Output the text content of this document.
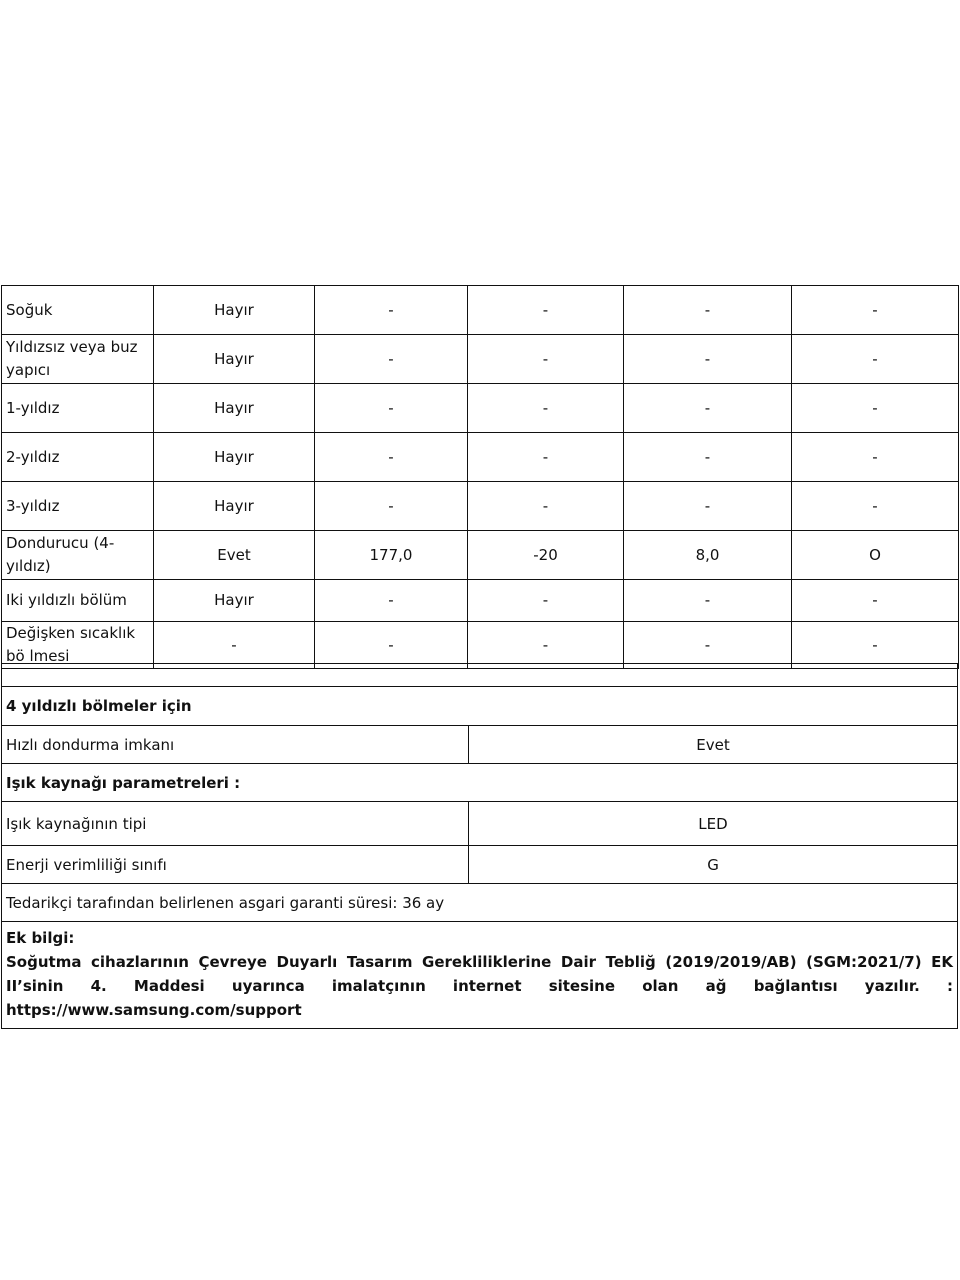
Soğuk	Hayır	-	-	-	-
Yıldızsız veya buz yapıcı	Hayır	-	-	-	-
1-yıldız	Hayır	-	-	-	-
2-yıldız	Hayır	-	-	-	-
3-yıldız	Hayır	-	-	-	-
Dondurucu (4-yıldız)	Evet	177,0	-20	8,0	O
Iki yıldızlı bölüm	Hayır	-	-	-	-
Değişken sıcaklık bö lmesi	-	-	-	-	-
4 yıldızlı bölmeler için
Hızlı dondurma imkanı	Evet
Işık kaynağı parametreleri :
Işık kaynağının tipi	LED
Enerji verimliliği sınıfı	G
Tedarikçi tarafından belirlenen asgari garanti süresi: 36 ay
Ek bilgi:
Soğutma cihazlarının Çevreye Duyarlı Tasarım Gerekliliklerine Dair Tebliğ (2019/2019/AB) (SGM:2021/7) EK II’sinin 4. Maddesi uyarınca imalatçının internet sitesine olan ağ bağlantısı yazılır. : https://www.samsung.com/support
